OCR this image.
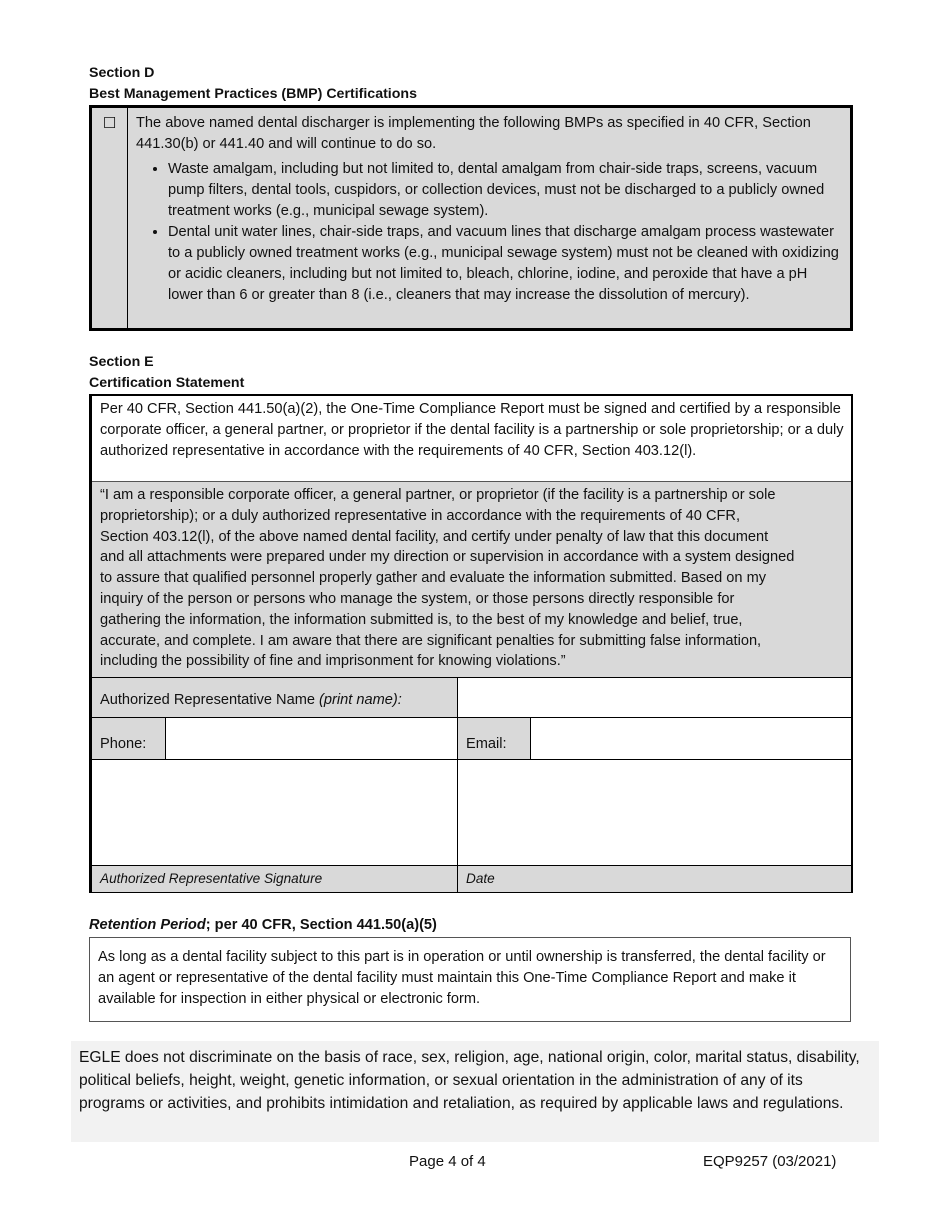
Section D
Best Management Practices (BMP) Certifications
☐	The above named dental discharger is implementing the following BMPs as specified in 40 CFR, Section 441.30(b) or 441.40 and will continue to do so.
• Waste amalgam, including but not limited to, dental amalgam from chair-side traps, screens, vacuum pump filters, dental tools, cuspidors, or collection devices, must not be discharged to a publicly owned treatment works (e.g., municipal sewage system).
• Dental unit water lines, chair-side traps, and vacuum lines that discharge amalgam process wastewater to a publicly owned treatment works (e.g., municipal sewage system) must not be cleaned with oxidizing or acidic cleaners, including but not limited to, bleach, chlorine, iodine, and peroxide that have a pH lower than 6 or greater than 8 (i.e., cleaners that may increase the dissolution of mercury).
Section E
Certification Statement
Per 40 CFR, Section 441.50(a)(2), the One-Time Compliance Report must be signed and certified by a responsible corporate officer, a general partner, or proprietor if the dental facility is a partnership or sole proprietorship; or a duly authorized representative in accordance with the requirements of 40 CFR, Section 403.12(l).
“I am a responsible corporate officer, a general partner, or proprietor (if the facility is a partnership or sole
proprietorship); or a duly authorized representative in accordance with the requirements of 40 CFR,
Section 403.12(l), of the above named dental facility, and certify under penalty of law that this document
and all attachments were prepared under my direction or supervision in accordance with a system designed
to assure that qualified personnel properly gather and evaluate the information submitted. Based on my
inquiry of the person or persons who manage the system, or those persons directly responsible for
gathering the information, the information submitted is, to the best of my knowledge and belief, true,
accurate, and complete. I am aware that there are significant penalties for submitting false information,
including the possibility of fine and imprisonment for knowing violations.”
Authorized Representative Name (print name):
Phone:	Email:
Authorized Representative Signature	Date
Retention Period; per 40 CFR, Section 441.50(a)(5)
As long as a dental facility subject to this part is in operation or until ownership is transferred, the dental facility or an agent or representative of the dental facility must maintain this One-Time Compliance Report and make it available for inspection in either physical or electronic form.
EGLE does not discriminate on the basis of race, sex, religion, age, national origin, color, marital status, disability, political beliefs, height, weight, genetic information, or sexual orientation in the administration of any of its programs or activities, and prohibits intimidation and retaliation, as required by applicable laws and regulations.
Page 4 of 4	EQP9257 (03/2021)
